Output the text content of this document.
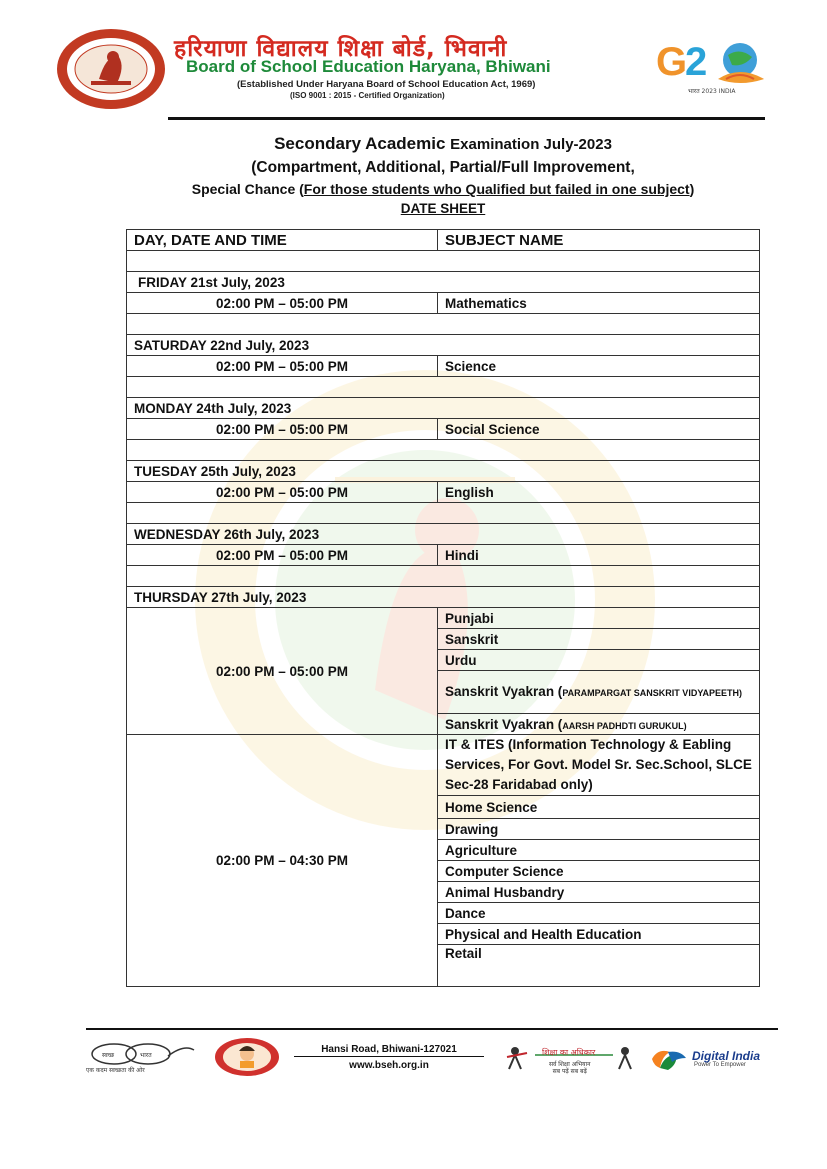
हरियाणा विद्यालय शिक्षा बोर्ड, भिवानी
Board of School Education Haryana, Bhiwani
(Established Under Haryana Board of School Education Act, 1969)
(ISO 9001 : 2015 - Certified Organization)
G
2
भारत 2023 INDIA
Secondary Academic Examination July-2023
(Compartment, Additional, Partial/Full Improvement,
Special Chance (For those students who Qualified but failed in one subject)
DATE SHEET
DAY, DATE AND TIME	SUBJECT NAME

FRIDAY 21st July, 2023	
02:00 PM – 05:00 PM	Mathematics

SATURDAY 22nd July, 2023	
02:00 PM – 05:00 PM	Science

MONDAY 24th July, 2023	
02:00 PM – 05:00 PM	Social Science

TUESDAY 25th July, 2023	
02:00 PM – 05:00 PM	English

WEDNESDAY 26th July, 2023	
02:00 PM – 05:00 PM	Hindi

THURSDAY 27th July, 2023	
02:00 PM – 05:00 PM	Punjabi
	Sanskrit
	Urdu
	Sanskrit Vyakran (PARAMPARGAT SANSKRIT VIDYAPEETH)
	Sanskrit Vyakran (AARSH PADHDTI GURUKUL)
02:00 PM – 04:30 PM	IT & ITES (Information Technology & Eabling Services, For Govt. Model Sr. Sec.School, SLCE Sec-28 Faridabad only)
	Home Science
	Drawing
	Agriculture
	Computer Science
	Animal Husbandry
	Dance
	Physical and Health Education
	Retail
स्वच्छ	भारत
एक कदम स्वच्छता की ओर
Hansi Road, Bhiwani-127021
www.bseh.org.in
शिक्षा का अधिकार
सर्व शिक्षा अभियान
सब पढ़ें सब बढ़ें
Digital India
Power To Empower
